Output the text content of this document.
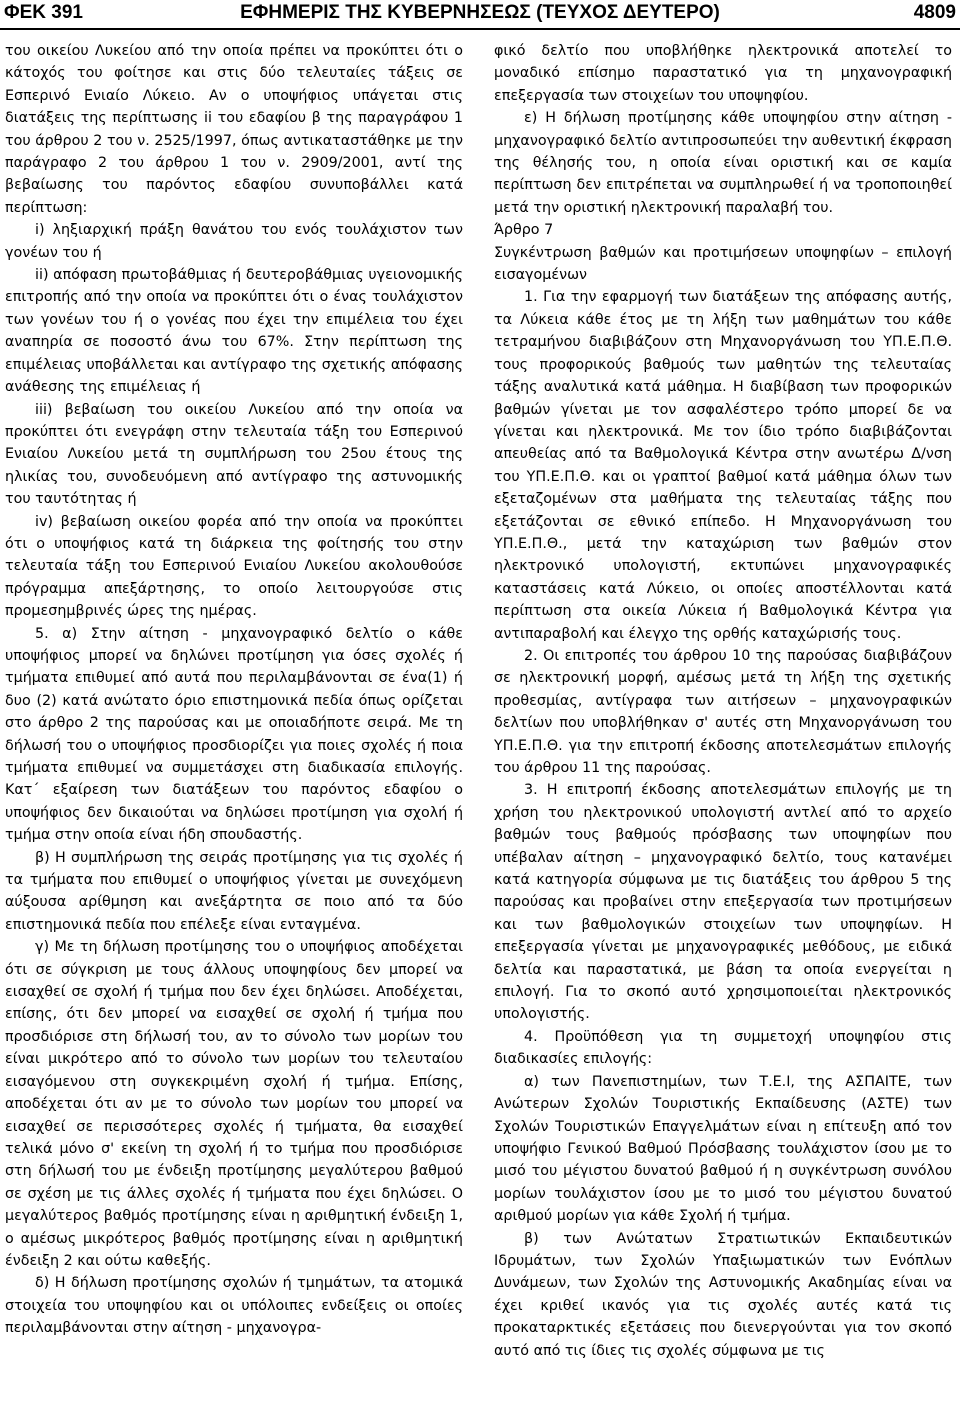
ΦΕΚ 391	ΕΦΗΜΕΡΙΣ ΤΗΣ ΚΥΒΕΡΝΗΣΕΩΣ (ΤΕΥΧΟΣ ΔΕΥΤΕΡΟ)	4809

του οικείου Λυκείου από την οποία πρέπει να προκύπτει ότι ο κάτοχός του φοίτησε και στις δύο τελευταίες τάξεις σε Εσπερινό Ενιαίο Λύκειο. Αν ο υποψήφιος υπάγεται στις διατάξεις της περίπτωσης ii του εδαφίου β της παραγράφου 1 του άρθρου 2 του ν. 2525/1997, όπως αντικαταστάθηκε με την παράγραφο 2 του άρθρου 1 του ν. 2909/2001, αντί της βεβαίωσης του παρόντος εδαφίου συνυποβάλλει κατά περίπτωση:

i) ληξιαρχική πράξη θανάτου του ενός τουλάχιστον των γονέων του ή

ii) απόφαση πρωτοβάθμιας ή δευτεροβάθμιας υγειονομικής επιτροπής από την οποία να προκύπτει ότι ο ένας τουλάχιστον των γονέων του ή ο γονέας που έχει την επιμέλεια του έχει αναπηρία σε ποσοστό άνω του 67%. Στην περίπτωση της επιμέλειας υποβάλλεται και αντίγραφο της σχετικής απόφασης ανάθεσης της επιμέλειας ή

iii) βεβαίωση του οικείου Λυκείου από την οποία να προκύπτει ότι ενεγράφη στην τελευταία τάξη του Εσπερινού Ενιαίου Λυκείου μετά τη συμπλήρωση του 25ου έτους της ηλικίας του, συνοδευόμενη από αντίγραφο της αστυνομικής του ταυτότητας ή

iv) βεβαίωση οικείου φορέα από την οποία να προκύπτει ότι ο υποψήφιος κατά τη διάρκεια της φοίτησής του στην τελευταία τάξη του Εσπερινού Ενιαίου Λυκείου ακολουθούσε πρόγραμμα απεξάρτησης, το οποίο λειτουργούσε στις προμεσημβρινές ώρες της ημέρας.

5. α) Στην αίτηση - μηχανογραφικό δελτίο ο κάθε υποψήφιος μπορεί να δηλώνει προτίμηση για όσες σχολές ή τμήματα επιθυμεί από αυτά που περιλαμβάνονται σε ένα(1) ή δυο (2) κατά ανώτατο όριο επιστημονικά πεδία όπως ορίζεται στο άρθρο 2 της παρούσας και με οποιαδήποτε σειρά. Με τη δήλωσή του ο υποψήφιος προσδιορίζει για ποιες σχολές ή ποια τμήματα επιθυμεί να συμμετάσχει στη διαδικασία επιλογής. Κατ΄ εξαίρεση των διατάξεων του παρόντος εδαφίου ο υποψήφιος δεν δικαιούται να δηλώσει προτίμηση για σχολή ή τμήμα στην οποία είναι ήδη σπουδαστής.

β) Η συμπλήρωση της σειράς προτίμησης για τις σχολές ή τα τμήματα που επιθυμεί ο υποψήφιος γίνεται με συνεχόμενη αύξουσα αρίθμηση και ανεξάρτητα σε ποιο από τα δύο επιστημονικά πεδία που επέλεξε είναι ενταγμένα.

γ) Με τη δήλωση προτίμησης του ο υποψήφιος αποδέχεται ότι σε σύγκριση με τους άλλους υποψηφίους δεν μπορεί να εισαχθεί σε σχολή ή τμήμα που δεν έχει δηλώσει. Αποδέχεται, επίσης, ότι δεν μπορεί να εισαχθεί σε σχολή ή τμήμα που προσδιόρισε στη δήλωσή του, αν το σύνολο των μορίων του είναι μικρότερο από το σύνολο των μορίων του τελευταίου εισαγόμενου στη συγκεκριμένη σχολή ή τμήμα. Επίσης, αποδέχεται ότι αν με το σύνολο των μορίων του μπορεί να εισαχθεί σε περισσότερες σχολές ή τμήματα, θα εισαχθεί τελικά μόνο σ' εκείνη τη σχολή ή το τμήμα που προσδιόρισε στη δήλωσή του με ένδειξη προτίμησης μεγαλύτερου βαθμού σε σχέση με τις άλλες σχολές ή τμήματα που έχει δηλώσει. Ο μεγαλύτερος βαθμός προτίμησης είναι η αριθμητική ένδειξη 1, ο αμέσως μικρότερος βαθμός προτίμησης είναι η αριθμητική ένδειξη 2 και ούτω καθεξής.

δ) Η δήλωση προτίμησης σχολών ή τμημάτων, τα ατομικά στοιχεία του υποψηφίου και οι υπόλοιπες ενδείξεις οι οποίες περιλαμβάνονται στην αίτηση - μηχανογρα-

φικό δελτίο που υποβλήθηκε ηλεκτρονικά αποτελεί το μοναδικό επίσημο παραστατικό για τη μηχανογραφική επεξεργασία των στοιχείων του υποψηφίου.

ε) Η δήλωση προτίμησης κάθε υποψηφίου στην αίτηση - μηχανογραφικό δελτίο αντιπροσωπεύει την αυθεντική έκφραση της θέλησής του, η οποία είναι οριστική και σε καμία περίπτωση δεν επιτρέπεται να συμπληρωθεί ή να τροποποιηθεί μετά την οριστική ηλεκτρονική παραλαβή του.

Άρθρο 7

Συγκέντρωση βαθμών και προτιμήσεων υποψηφίων – επιλογή εισαγομένων

1. Για την εφαρμογή των διατάξεων της απόφασης αυτής, τα Λύκεια κάθε έτος με τη λήξη των μαθημάτων του κάθε τετραμήνου διαβιβάζουν στη Μηχανοργάνωση του ΥΠ.Ε.Π.Θ. τους προφορικούς βαθμούς των μαθητών της τελευταίας τάξης αναλυτικά κατά μάθημα. Η διαβίβαση των προφορικών βαθμών γίνεται με τον ασφαλέστερο τρόπο μπορεί δε να γίνεται και ηλεκτρονικά. Με τον ίδιο τρόπο διαβιβάζονται απευθείας από τα Βαθμολογικά Κέντρα στην ανωτέρω Δ/νση του ΥΠ.Ε.Π.Θ. και οι γραπτοί βαθμοί κατά μάθημα όλων των εξεταζομένων στα μαθήματα της τελευταίας τάξης που εξετάζονται σε εθνικό επίπεδο. Η Μηχανοργάνωση του ΥΠ.Ε.Π.Θ., μετά την καταχώριση των βαθμών στον ηλεκτρονικό υπολογιστή, εκτυπώνει μηχανογραφικές καταστάσεις κατά Λύκειο, οι οποίες αποστέλλονται κατά περίπτωση στα οικεία Λύκεια ή Βαθμολογικά Κέντρα για αντιπαραβολή και έλεγχο της ορθής καταχώρισής τους.

2. Οι επιτροπές του άρθρου 10 της παρούσας διαβιβάζουν σε ηλεκτρονική μορφή, αμέσως μετά τη λήξη της σχετικής προθεσμίας, αντίγραφα των αιτήσεων – μηχανογραφικών δελτίων που υποβλήθηκαν σ' αυτές στη Μηχανοργάνωση του ΥΠ.Ε.Π.Θ. για την επιτροπή έκδοσης αποτελεσμάτων επιλογής του άρθρου 11 της παρούσας.

3. Η επιτροπή έκδοσης αποτελεσμάτων επιλογής με τη χρήση του ηλεκτρονικού υπολογιστή αντλεί από το αρχείο βαθμών τους βαθμούς πρόσβασης των υποψηφίων που υπέβαλαν αίτηση – μηχανογραφικό δελτίο, τους κατανέμει κατά κατηγορία σύμφωνα με τις διατάξεις του άρθρου 5 της παρούσας και προβαίνει στην επεξεργασία των προτιμήσεων και των βαθμολογικών στοιχείων των υποψηφίων. Η επεξεργασία γίνεται με μηχανογραφικές μεθόδους, με ειδικά δελτία και παραστατικά, με βάση τα οποία ενεργείται η επιλογή. Για το σκοπό αυτό χρησιμοποιείται ηλεκτρονικός υπολογιστής.

4. Προϋπόθεση για τη συμμετοχή υποψηφίου στις διαδικασίες επιλογής:

α) των Πανεπιστημίων, των Τ.Ε.Ι, της ΑΣΠΑΙΤΕ, των Ανώτερων Σχολών Τουριστικής Εκπαίδευσης (ΑΣΤΕ) των Σχολών Τουριστικών Επαγγελμάτων είναι η επίτευξη από τον υποψήφιο Γενικού Βαθμού Πρόσβασης τουλάχιστον ίσου με το μισό του μέγιστου δυνατού βαθμού ή η συγκέντρωση συνόλου μορίων τουλάχιστον ίσου με το μισό του μέγιστου δυνατού αριθμού μορίων για κάθε Σχολή ή τμήμα.

β) των Ανώτατων Στρατιωτικών Εκπαιδευτικών Ιδρυμάτων, των Σχολών Υπαξιωματικών των Ενόπλων Δυνάμεων, των Σχολών της Αστυνομικής Ακαδημίας είναι να έχει κριθεί ικανός για τις σχολές αυτές κατά τις προκαταρκτικές εξετάσεις που διενεργούνται για τον σκοπό αυτό από τις ίδιες τις σχολές σύμφωνα με τις
